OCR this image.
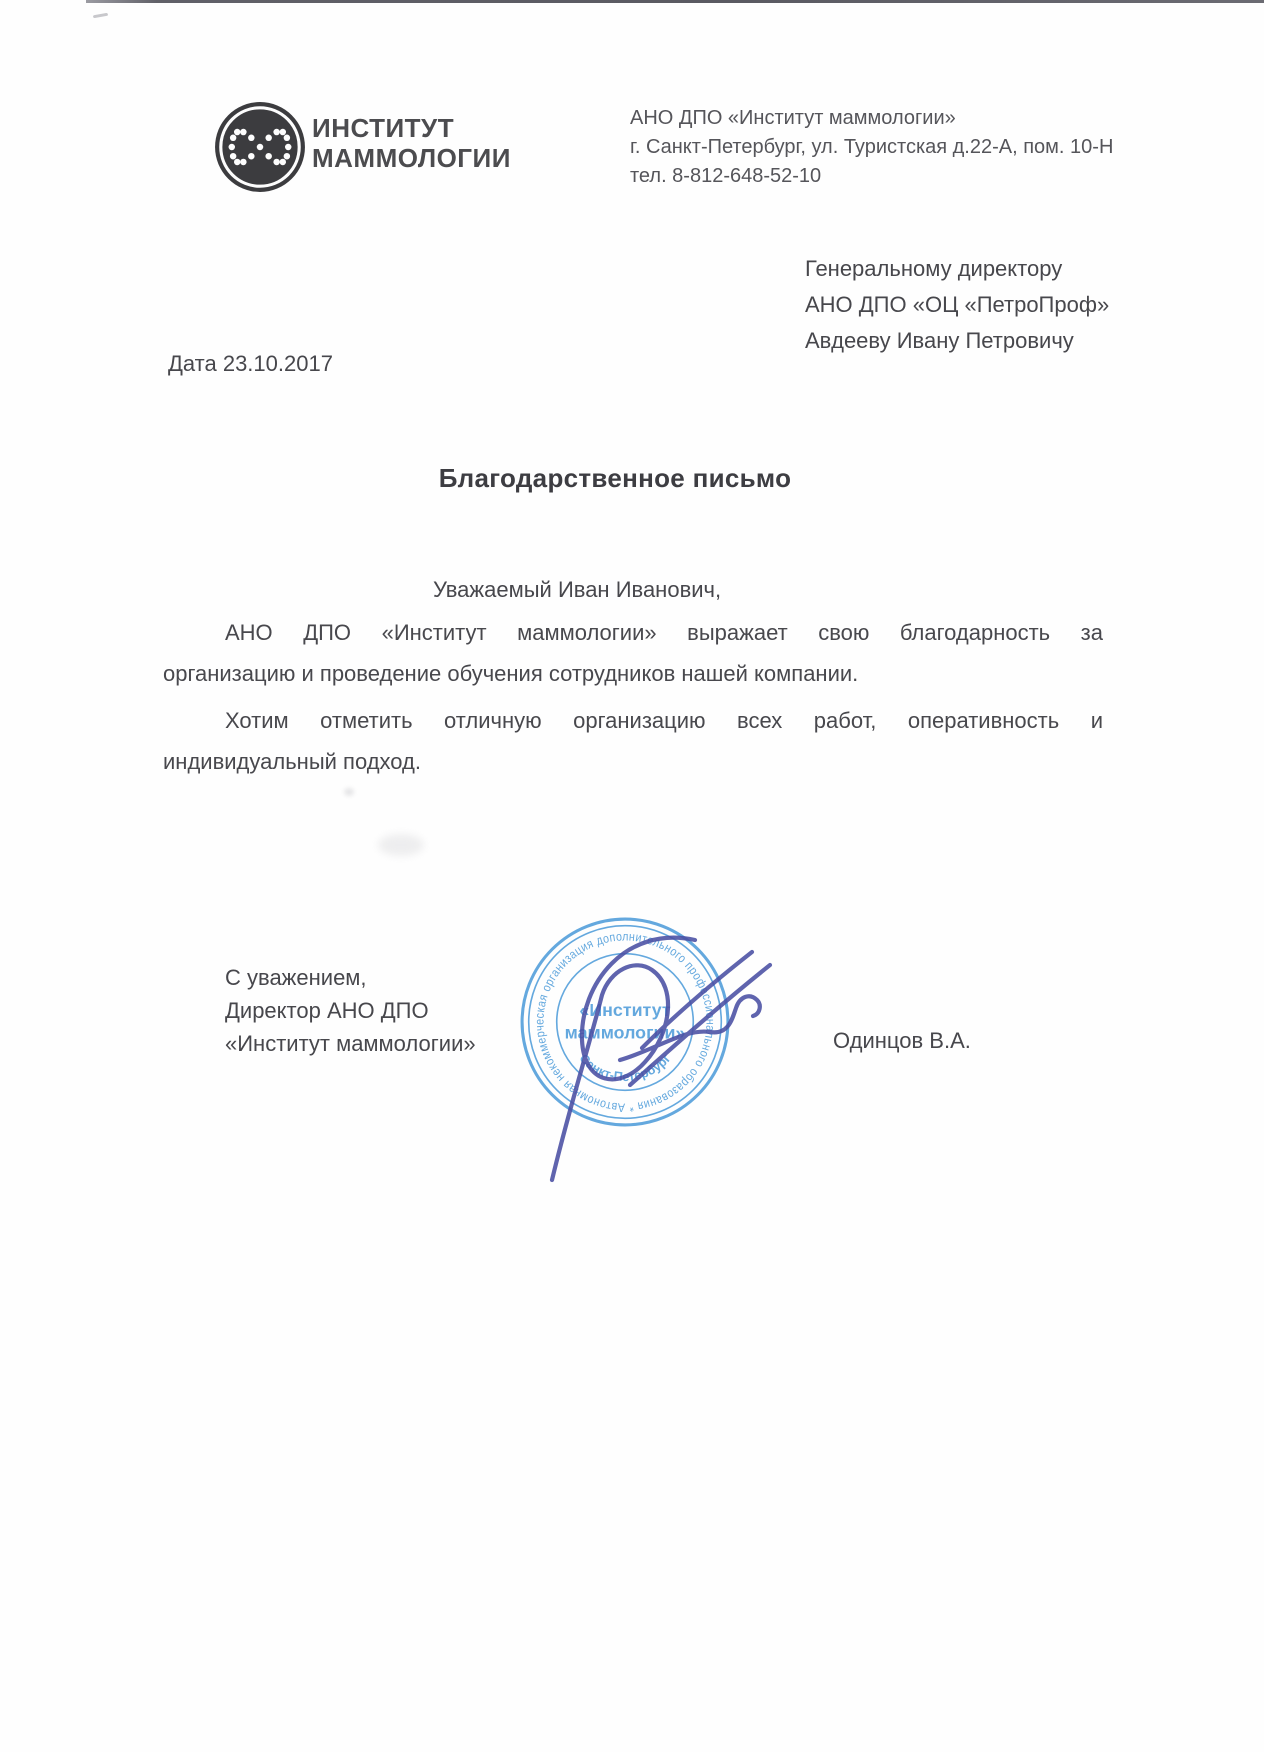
ИНСТИТУТ
МАММОЛОГИИ
АНО ДПО «Институт маммологии»
г. Санкт-Петербург, ул. Туристская д.22-А, пом. 10-Н
тел. 8-812-648-52-10
Генеральному директору
АНО ДПО «ОЦ «ПетроПроф»
Авдееву Ивану Петровичу
Дата 23.10.2017
Благодарственное письмо
Уважаемый Иван Иванович,
АНО ДПО «Институт маммологии» выражает свою благодарность за
организацию и проведение обучения сотрудников нашей компании.
Хотим отметить отличную организацию всех работ, оперативность и
индивидуальный подход.
С уважением,
Директор АНО ДПО
«Институт маммологии»
Автономная некоммерческая организация дополнительного профессионального образования *
«Институт
маммологии»
Санкт-Петербург
Одинцов В.А.
